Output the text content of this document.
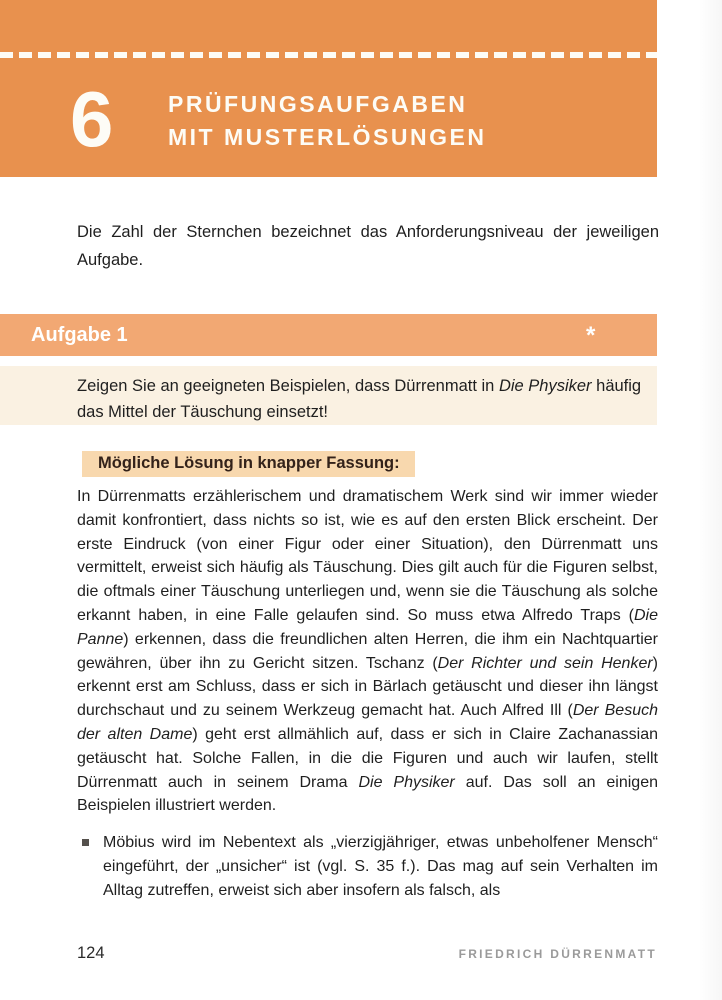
6 PRÜFUNGSAUFGABEN
MIT MUSTERLÖSUNGEN

Die Zahl der Sternchen bezeichnet das Anforderungsniveau der jeweiligen Aufgabe.

Aufgabe 1	*

Zeigen Sie an geeigneten Beispielen, dass Dürrenmatt in Die Physiker häufig das Mittel der Täuschung einsetzt!

Mögliche Lösung in knapper Fassung:

In Dürrenmatts erzählerischem und dramatischem Werk sind wir immer wieder damit konfrontiert, dass nichts so ist, wie es auf den ersten Blick erscheint. Der erste Eindruck (von einer Figur oder einer Situation), den Dürrenmatt uns vermittelt, erweist sich häufig als Täuschung. Dies gilt auch für die Figuren selbst, die oftmals einer Täuschung unterliegen und, wenn sie die Täuschung als solche erkannt haben, in eine Falle gelaufen sind. So muss etwa Alfredo Traps (Die Panne) erkennen, dass die freundlichen alten Herren, die ihm ein Nachtquartier gewähren, über ihn zu Gericht sitzen. Tschanz (Der Richter und sein Henker) erkennt erst am Schluss, dass er sich in Bärlach getäuscht und dieser ihn längst durchschaut und zu seinem Werkzeug gemacht hat. Auch Alfred Ill (Der Besuch der alten Dame) geht erst allmählich auf, dass er sich in Claire Zachanassian getäuscht hat. Solche Fallen, in die die Figuren und auch wir laufen, stellt Dürrenmatt auch in seinem Drama Die Physiker auf. Das soll an einigen Beispielen illustriert werden.

Möbius wird im Nebentext als „vierzigjähriger, etwas unbeholfener Mensch“ eingeführt, der „unsicher“ ist (vgl. S. 35 f.). Das mag auf sein Verhalten im Alltag zutreffen, erweist sich aber insofern als falsch, als
124	FRIEDRICH DÜRRENMATT
